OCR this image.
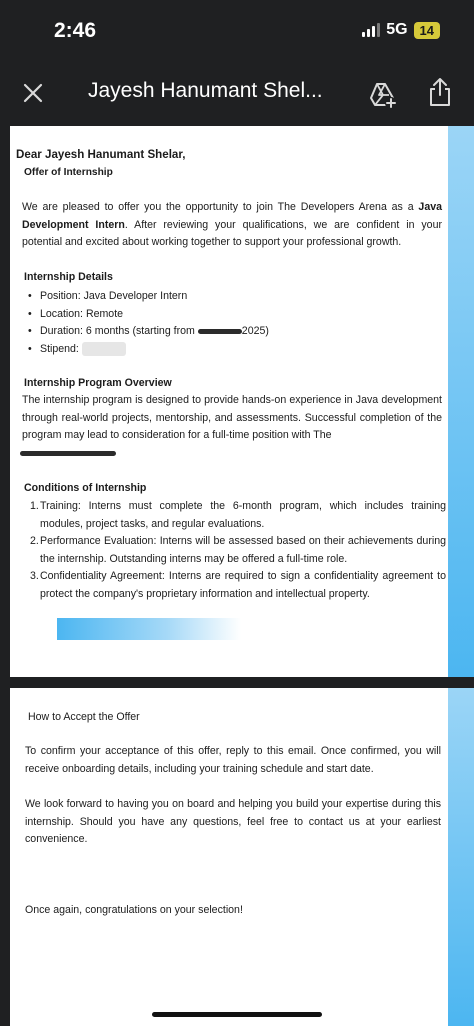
2:46	5G 14
Jayesh Hanumant Shel...
Dear Jayesh Hanumant Shelar,
Offer of Internship
We are pleased to offer you the opportunity to join The Developers Arena as a Java Development Intern. After reviewing your qualifications, we are confident in your potential and excited about working together to support your professional growth.
Internship Details
• Position: Java Developer Intern
• Location: Remote
• Duration: 6 months (starting from	2025)
• Stipend:
Internship Program Overview
The internship program is designed to provide hands-on experience in Java development through real-world projects, mentorship, and assessments. Successful completion of the program may lead to consideration for a full-time position with The
Conditions of Internship
1. Training: Interns must complete the 6-month program, which includes training modules, project tasks, and regular evaluations.
2. Performance Evaluation: Interns will be assessed based on their achievements during the internship. Outstanding interns may be offered a full-time role.
3. Confidentiality Agreement: Interns are required to sign a confidentiality agreement to protect the company's proprietary information and intellectual property.
How to Accept the Offer
To confirm your acceptance of this offer, reply to this email. Once confirmed, you will receive onboarding details, including your training schedule and start date.
We look forward to having you on board and helping you build your expertise during this internship. Should you have any questions, feel free to contact us at your earliest convenience.
Once again, congratulations on your selection!
